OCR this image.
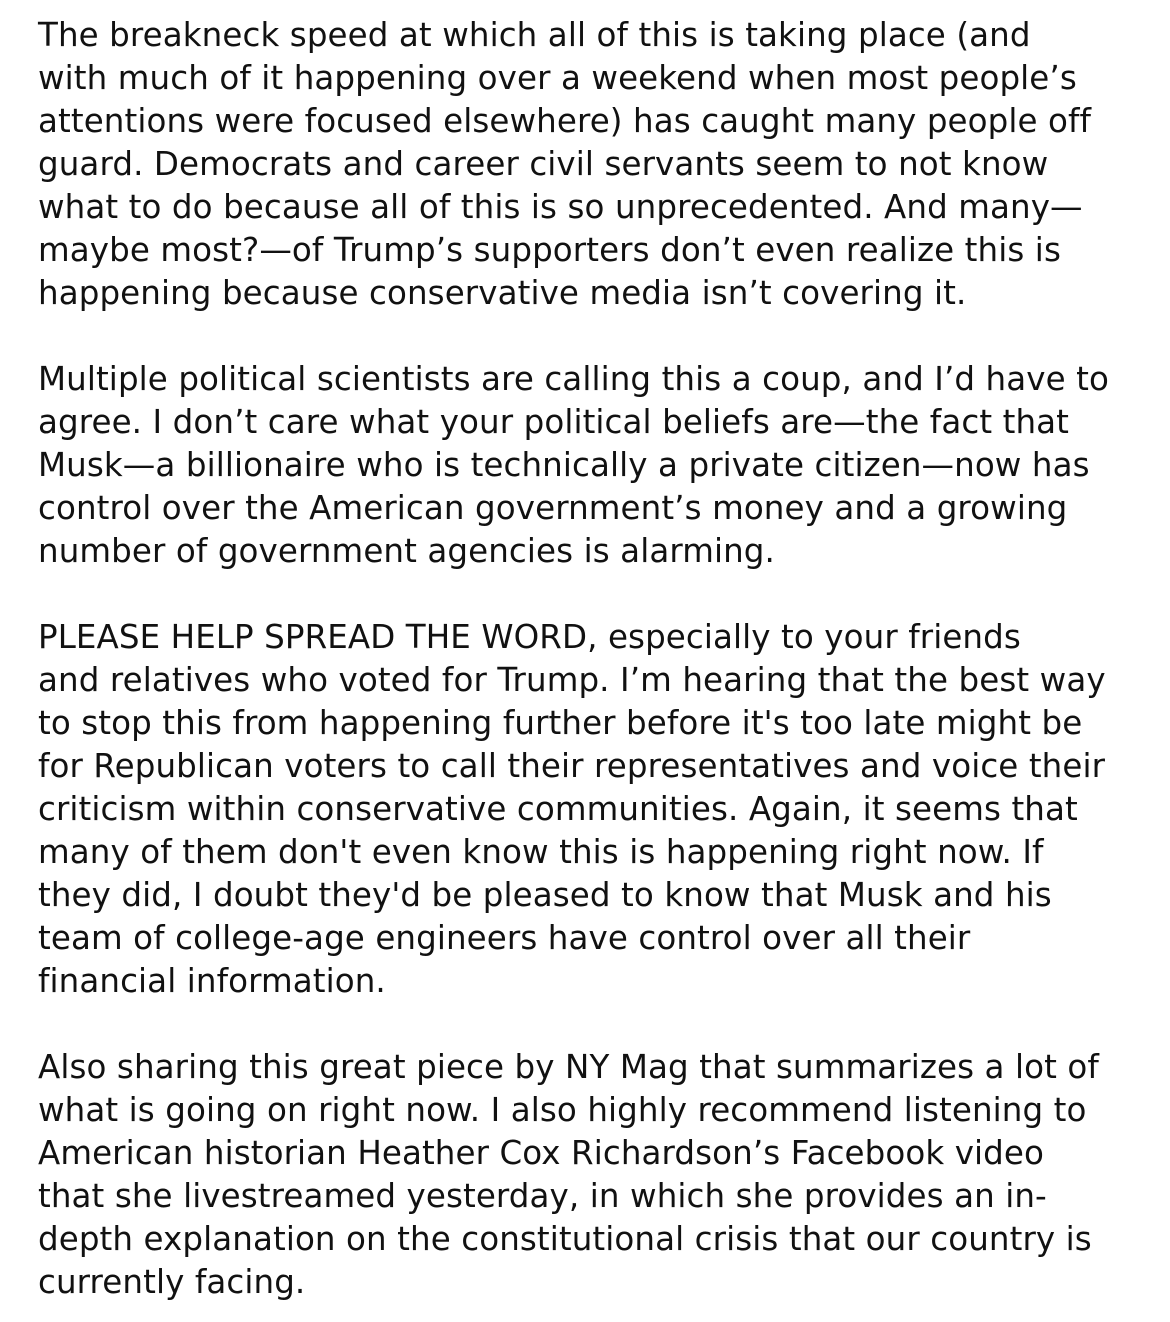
The breakneck speed at which all of this is taking place (and
with much of it happening over a weekend when most people’s
attentions were focused elsewhere) has caught many people off
guard. Democrats and career civil servants seem to not know
what to do because all of this is so unprecedented. And many—
maybe most?—of Trump’s supporters don’t even realize this is
happening because conservative media isn’t covering it.

Multiple political scientists are calling this a coup, and I’d have to
agree. I don’t care what your political beliefs are—the fact that
Musk—a billionaire who is technically a private citizen—now has
control over the American government’s money and a growing
number of government agencies is alarming.

PLEASE HELP SPREAD THE WORD, especially to your friends
and relatives who voted for Trump. I’m hearing that the best way
to stop this from happening further before it's too late might be
for Republican voters to call their representatives and voice their
criticism within conservative communities. Again, it seems that
many of them don't even know this is happening right now. If
they did, I doubt they'd be pleased to know that Musk and his
team of college-age engineers have control over all their
financial information.

Also sharing this great piece by NY Mag that summarizes a lot of
what is going on right now. I also highly recommend listening to
American historian Heather Cox Richardson’s Facebook video
that she livestreamed yesterday, in which she provides an in-
depth explanation on the constitutional crisis that our country is
currently facing.
